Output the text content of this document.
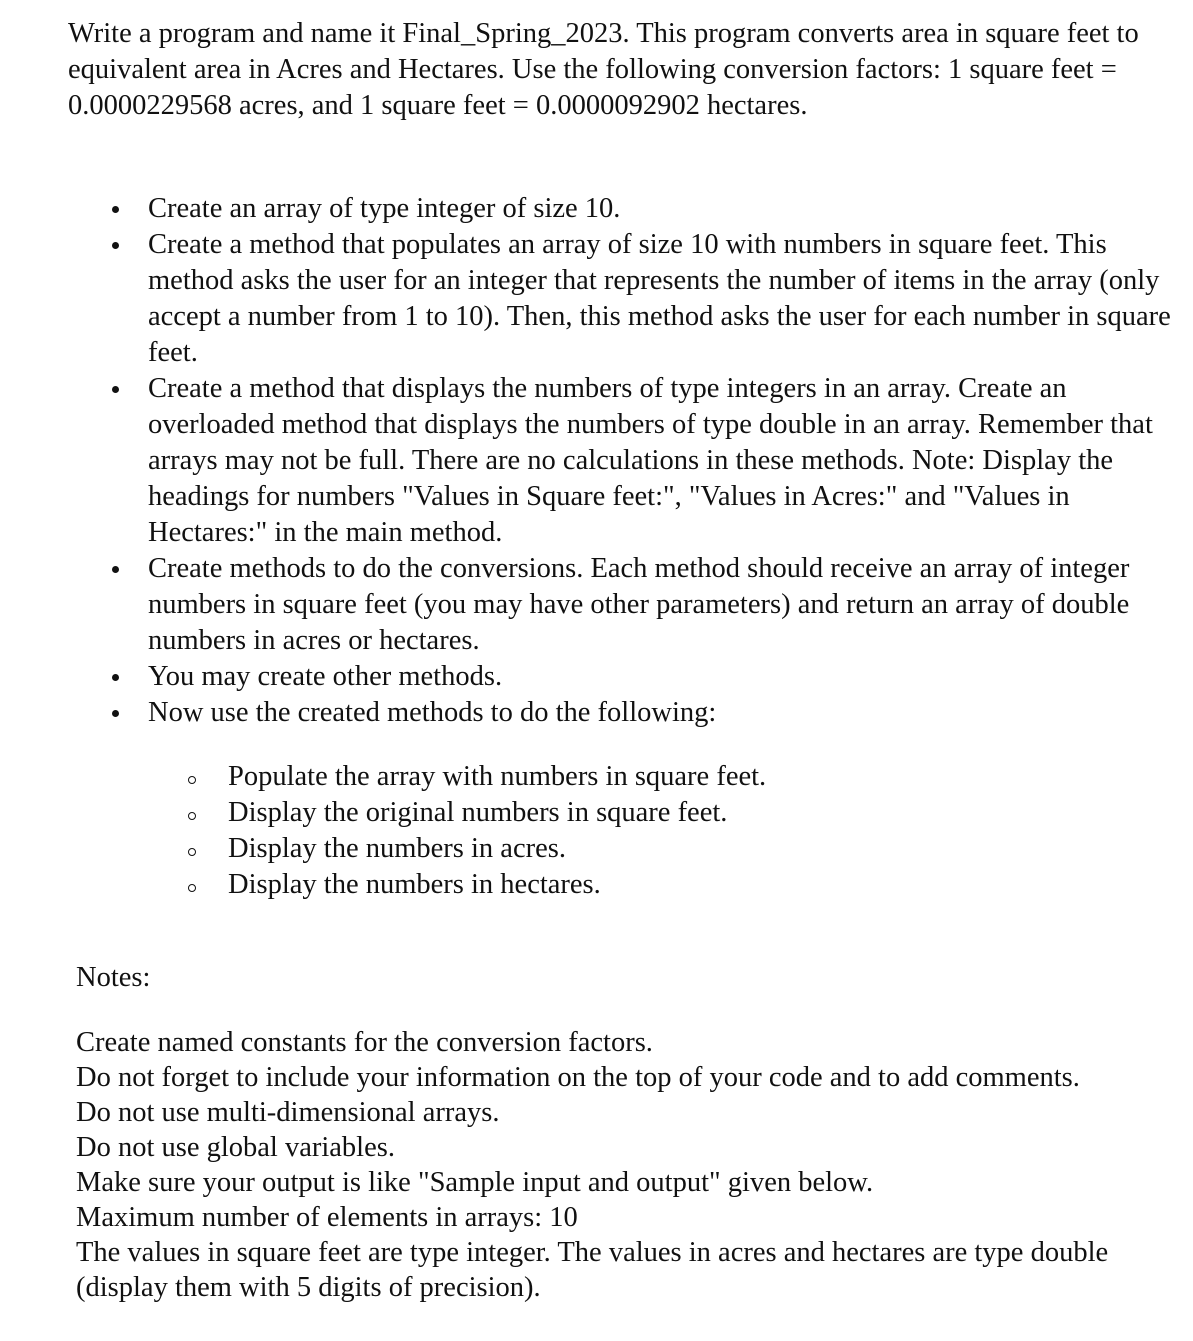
Write a program and name it Final_Spring_2023. This program converts area in square feet to equivalent area in Acres and Hectares. Use the following conversion factors: 1 square feet = 0.0000229568 acres, and 1 square feet = 0.0000092902 hectares.

Create an array of type integer of size 10.
Create a method that populates an array of size 10 with numbers in square feet. This method asks the user for an integer that represents the number of items in the array (only accept a number from 1 to 10). Then, this method asks the user for each number in square feet.
Create a method that displays the numbers of type integers in an array. Create an overloaded method that displays the numbers of type double in an array. Remember that arrays may not be full. There are no calculations in these methods. Note: Display the headings for numbers "Values in Square feet:", "Values in Acres:" and "Values in Hectares:" in the main method.
Create methods to do the conversions. Each method should receive an array of integer numbers in square feet (you may have other parameters) and return an array of double numbers in acres or hectares.
You may create other methods.
Now use the created methods to do the following:
Populate the array with numbers in square feet.
Display the original numbers in square feet.
Display the numbers in acres.
Display the numbers in hectares.

Notes:

Create named constants for the conversion factors.
Do not forget to include your information on the top of your code and to add comments.
Do not use multi-dimensional arrays.
Do not use global variables.
Make sure your output is like "Sample input and output" given below.
Maximum number of elements in arrays: 10
The values in square feet are type integer. The values in acres and hectares are type double (display them with 5 digits of precision).
